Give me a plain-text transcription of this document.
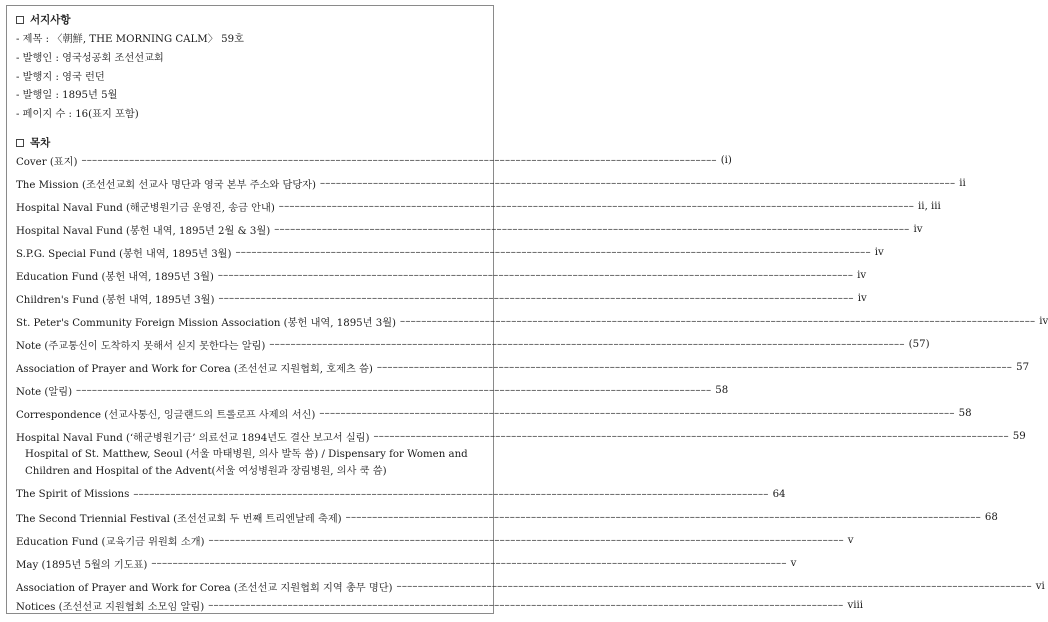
서지사항
- 제목 : 〈朝鮮, THE MORNING CALM〉 59호
- 발행인 : 영국성공회 조선선교회
- 발행지 : 영국 런던
- 발행일 : 1895년 5월
- 페이지 수 : 16(표지 포함)
목차
Cover (표지) –––––––––––––––––––––––––––––––––––––––––––––––––––––––––––––––––––––––––––––––––––––––––––––––––––––––––––––––––––––––– (i)
The Mission (조선선교회 선교사 명단과 영국 본부 주소와 담당자) –––––––––––––––––––––––––––––––––––––––––––––––––––––––––––––––––––––––––––––––––––––––––––––––––––––––––––––––––––––––– ii
Hospital Naval Fund (해군병원기금 운영진, 송금 안내) –––––––––––––––––––––––––––––––––––––––––––––––––––––––––––––––––––––––––––––––––––––––––––––––––––––––––––––––––––––––– ii, iii
Hospital Naval Fund (봉헌 내역, 1895년 2월 & 3월) –––––––––––––––––––––––––––––––––––––––––––––––––––––––––––––––––––––––––––––––––––––––––––––––––––––––––––––––––––––––– iv
S.P.G. Special Fund (봉헌 내역, 1895년 3월) –––––––––––––––––––––––––––––––––––––––––––––––––––––––––––––––––––––––––––––––––––––––––––––––––––––––––––––––––––––––– iv
Education Fund (봉헌 내역, 1895년 3월) –––––––––––––––––––––––––––––––––––––––––––––––––––––––––––––––––––––––––––––––––––––––––––––––––––––––––––––––––––––––– iv
Children's Fund (봉헌 내역, 1895년 3월) –––––––––––––––––––––––––––––––––––––––––––––––––––––––––––––––––––––––––––––––––––––––––––––––––––––––––––––––––––––––– iv
St. Peter's Community Foreign Mission Association (봉헌 내역, 1895년 3월) –––––––––––––––––––––––––––––––––––––––––––––––––––––––––––––––––––––––––––––––––––––––––––––––––––––––––––––––––––––––– iv
Note (주교통신이 도착하지 못해서 싣지 못한다는 알림) –––––––––––––––––––––––––––––––––––––––––––––––––––––––––––––––––––––––––––––––––––––––––––––––––––––––––––––––––––––––– (57)
Association of Prayer and Work for Corea (조선선교 지원협회, 호제츠 씀) –––––––––––––––––––––––––––––––––––––––––––––––––––––––––––––––––––––––––––––––––––––––––––––––––––––––––––––––––––––––– 57
Note (알림) –––––––––––––––––––––––––––––––––––––––––––––––––––––––––––––––––––––––––––––––––––––––––––––––––––––––––––––––––––––––– 58
Correspondence (선교사통신, 잉글랜드의 트롤로프 사제의 서신) –––––––––––––––––––––––––––––––––––––––––––––––––––––––––––––––––––––––––––––––––––––––––––––––––––––––––––––––––––––––– 58
Hospital Naval Fund (‘해군병원기금’ 의료선교 1894년도 결산 보고서 실림) –––––––––––––––––––––––––––––––––––––––––––––––––––––––––––––––––––––––––––––––––––––––––––––––––––––––––––––––––––––––– 59
Hospital of St. Matthew, Seoul (서울 마태병원, 의사 발독 씀) / Dispensary for Women and Children and Hospital of the Advent(서울 여성병원과 장림병원, 의사 쿡 씀)
The Spirit of Missions –––––––––––––––––––––––––––––––––––––––––––––––––––––––––––––––––––––––––––––––––––––––––––––––––––––––––––––––––––––––– 64
The Second Triennial Festival (조선선교회 두 번째 트리엔날레 축제) –––––––––––––––––––––––––––––––––––––––––––––––––––––––––––––––––––––––––––––––––––––––––––––––––––––––––––––––––––––––– 68
Education Fund (교육기금 위원회 소개) –––––––––––––––––––––––––––––––––––––––––––––––––––––––––––––––––––––––––––––––––––––––––––––––––––––––––––––––––––––––– v
May (1895년 5월의 기도표) –––––––––––––––––––––––––––––––––––––––––––––––––––––––––––––––––––––––––––––––––––––––––––––––––––––––––––––––––––––––– v
Association of Prayer and Work for Corea (조선선교 지원협회 지역 총무 명단) –––––––––––––––––––––––––––––––––––––––––––––––––––––––––––––––––––––––––––––––––––––––––––––––––––––––––––––––––––––––– vi
Notices (조선선교 지원협회 소모임 알림) –––––––––––––––––––––––––––––––––––––––––––––––––––––––––––––––––––––––––––––––––––––––––––––––––––––––––––––––––––––––– viii
